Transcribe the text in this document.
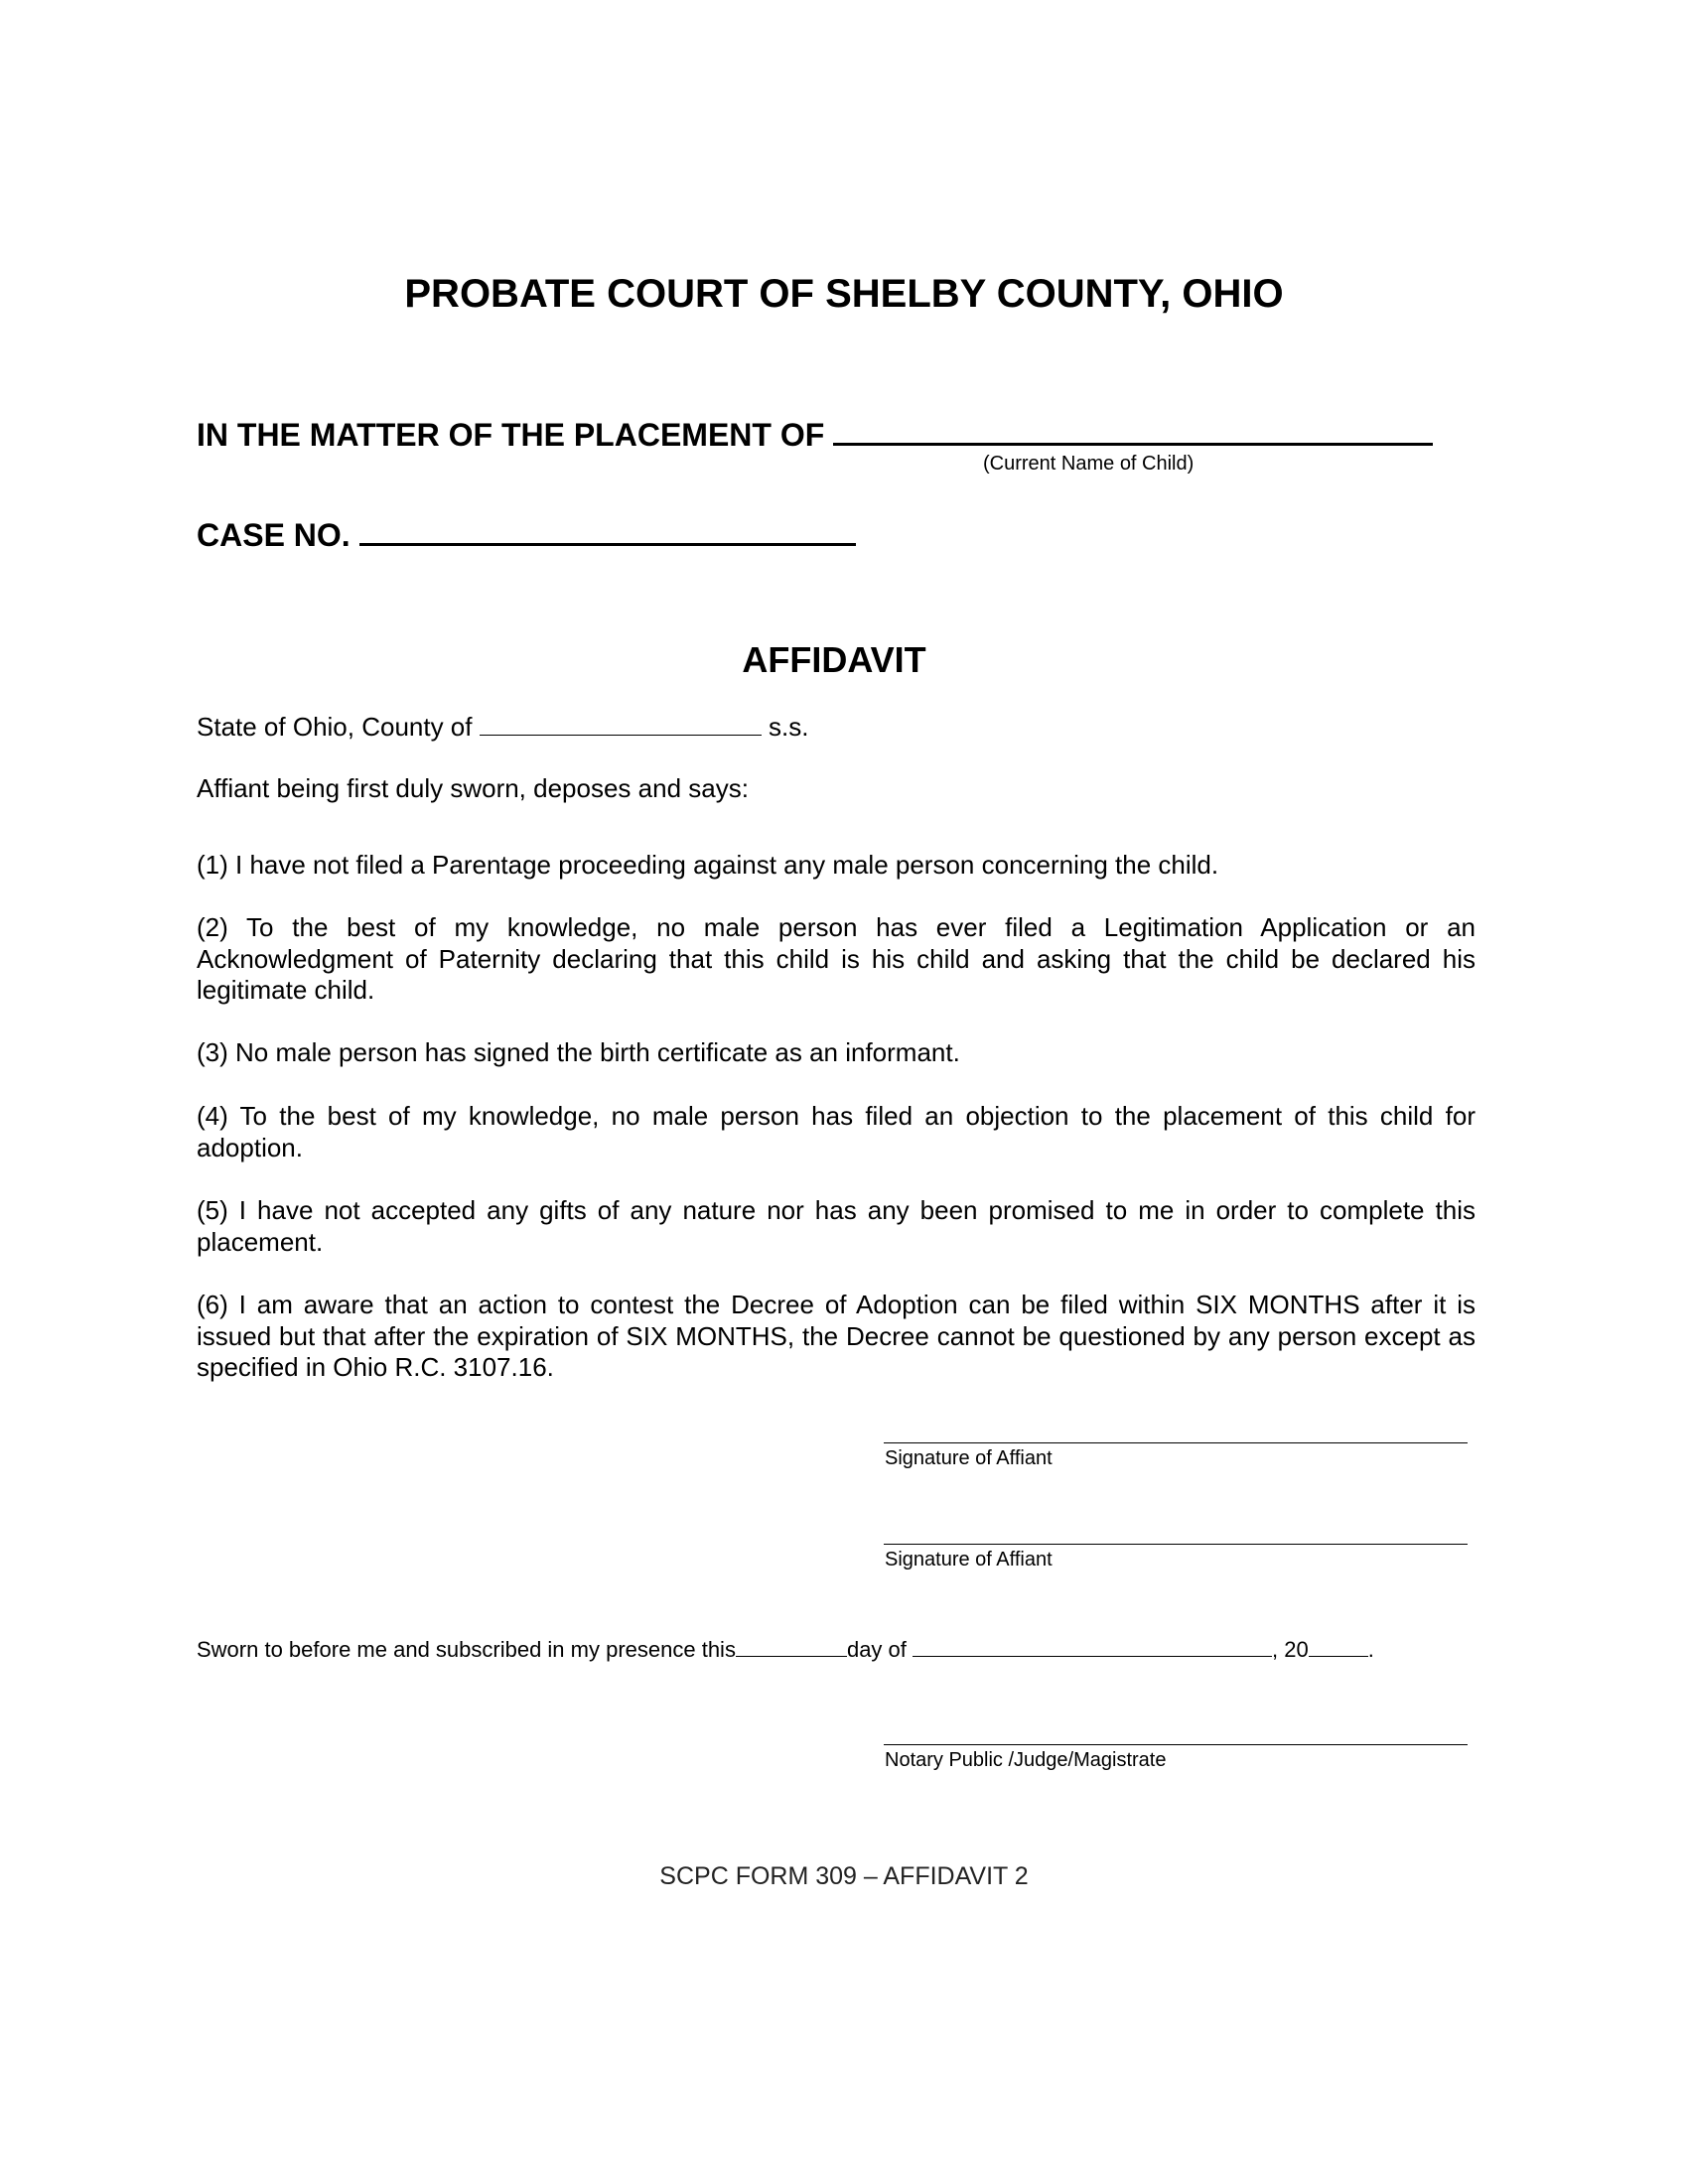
PROBATE COURT OF SHELBY COUNTY, OHIO
IN THE MATTER OF THE PLACEMENT OF
(Current Name of Child)
CASE NO.
AFFIDAVIT
State of Ohio, County of	s.s.
Affiant being first duly sworn, deposes and says:
(1) I have not filed a Parentage proceeding against any male person concerning the child.
(2) To the best of my knowledge, no male person has ever filed a Legitimation Application or an Acknowledgment of Paternity declaring that this child is his child and asking that the child be declared his legitimate child.
(3) No male person has signed the birth certificate as an informant.
(4) To the best of my knowledge, no male person has filed an objection to the placement of this child for adoption.
(5) I have not accepted any gifts of any nature nor has any been promised to me in order to complete this placement.
(6) I am aware that an action to contest the Decree of Adoption can be filed within SIX MONTHS after it is issued but that after the expiration of SIX MONTHS, the Decree cannot be questioned by any person except as specified in Ohio R.C. 3107.16.
Signature of Affiant
Signature of Affiant
Sworn to before me and subscribed in my presence this	day of	, 20	.
Notary Public /Judge/Magistrate
SCPC FORM 309 – AFFIDAVIT 2
